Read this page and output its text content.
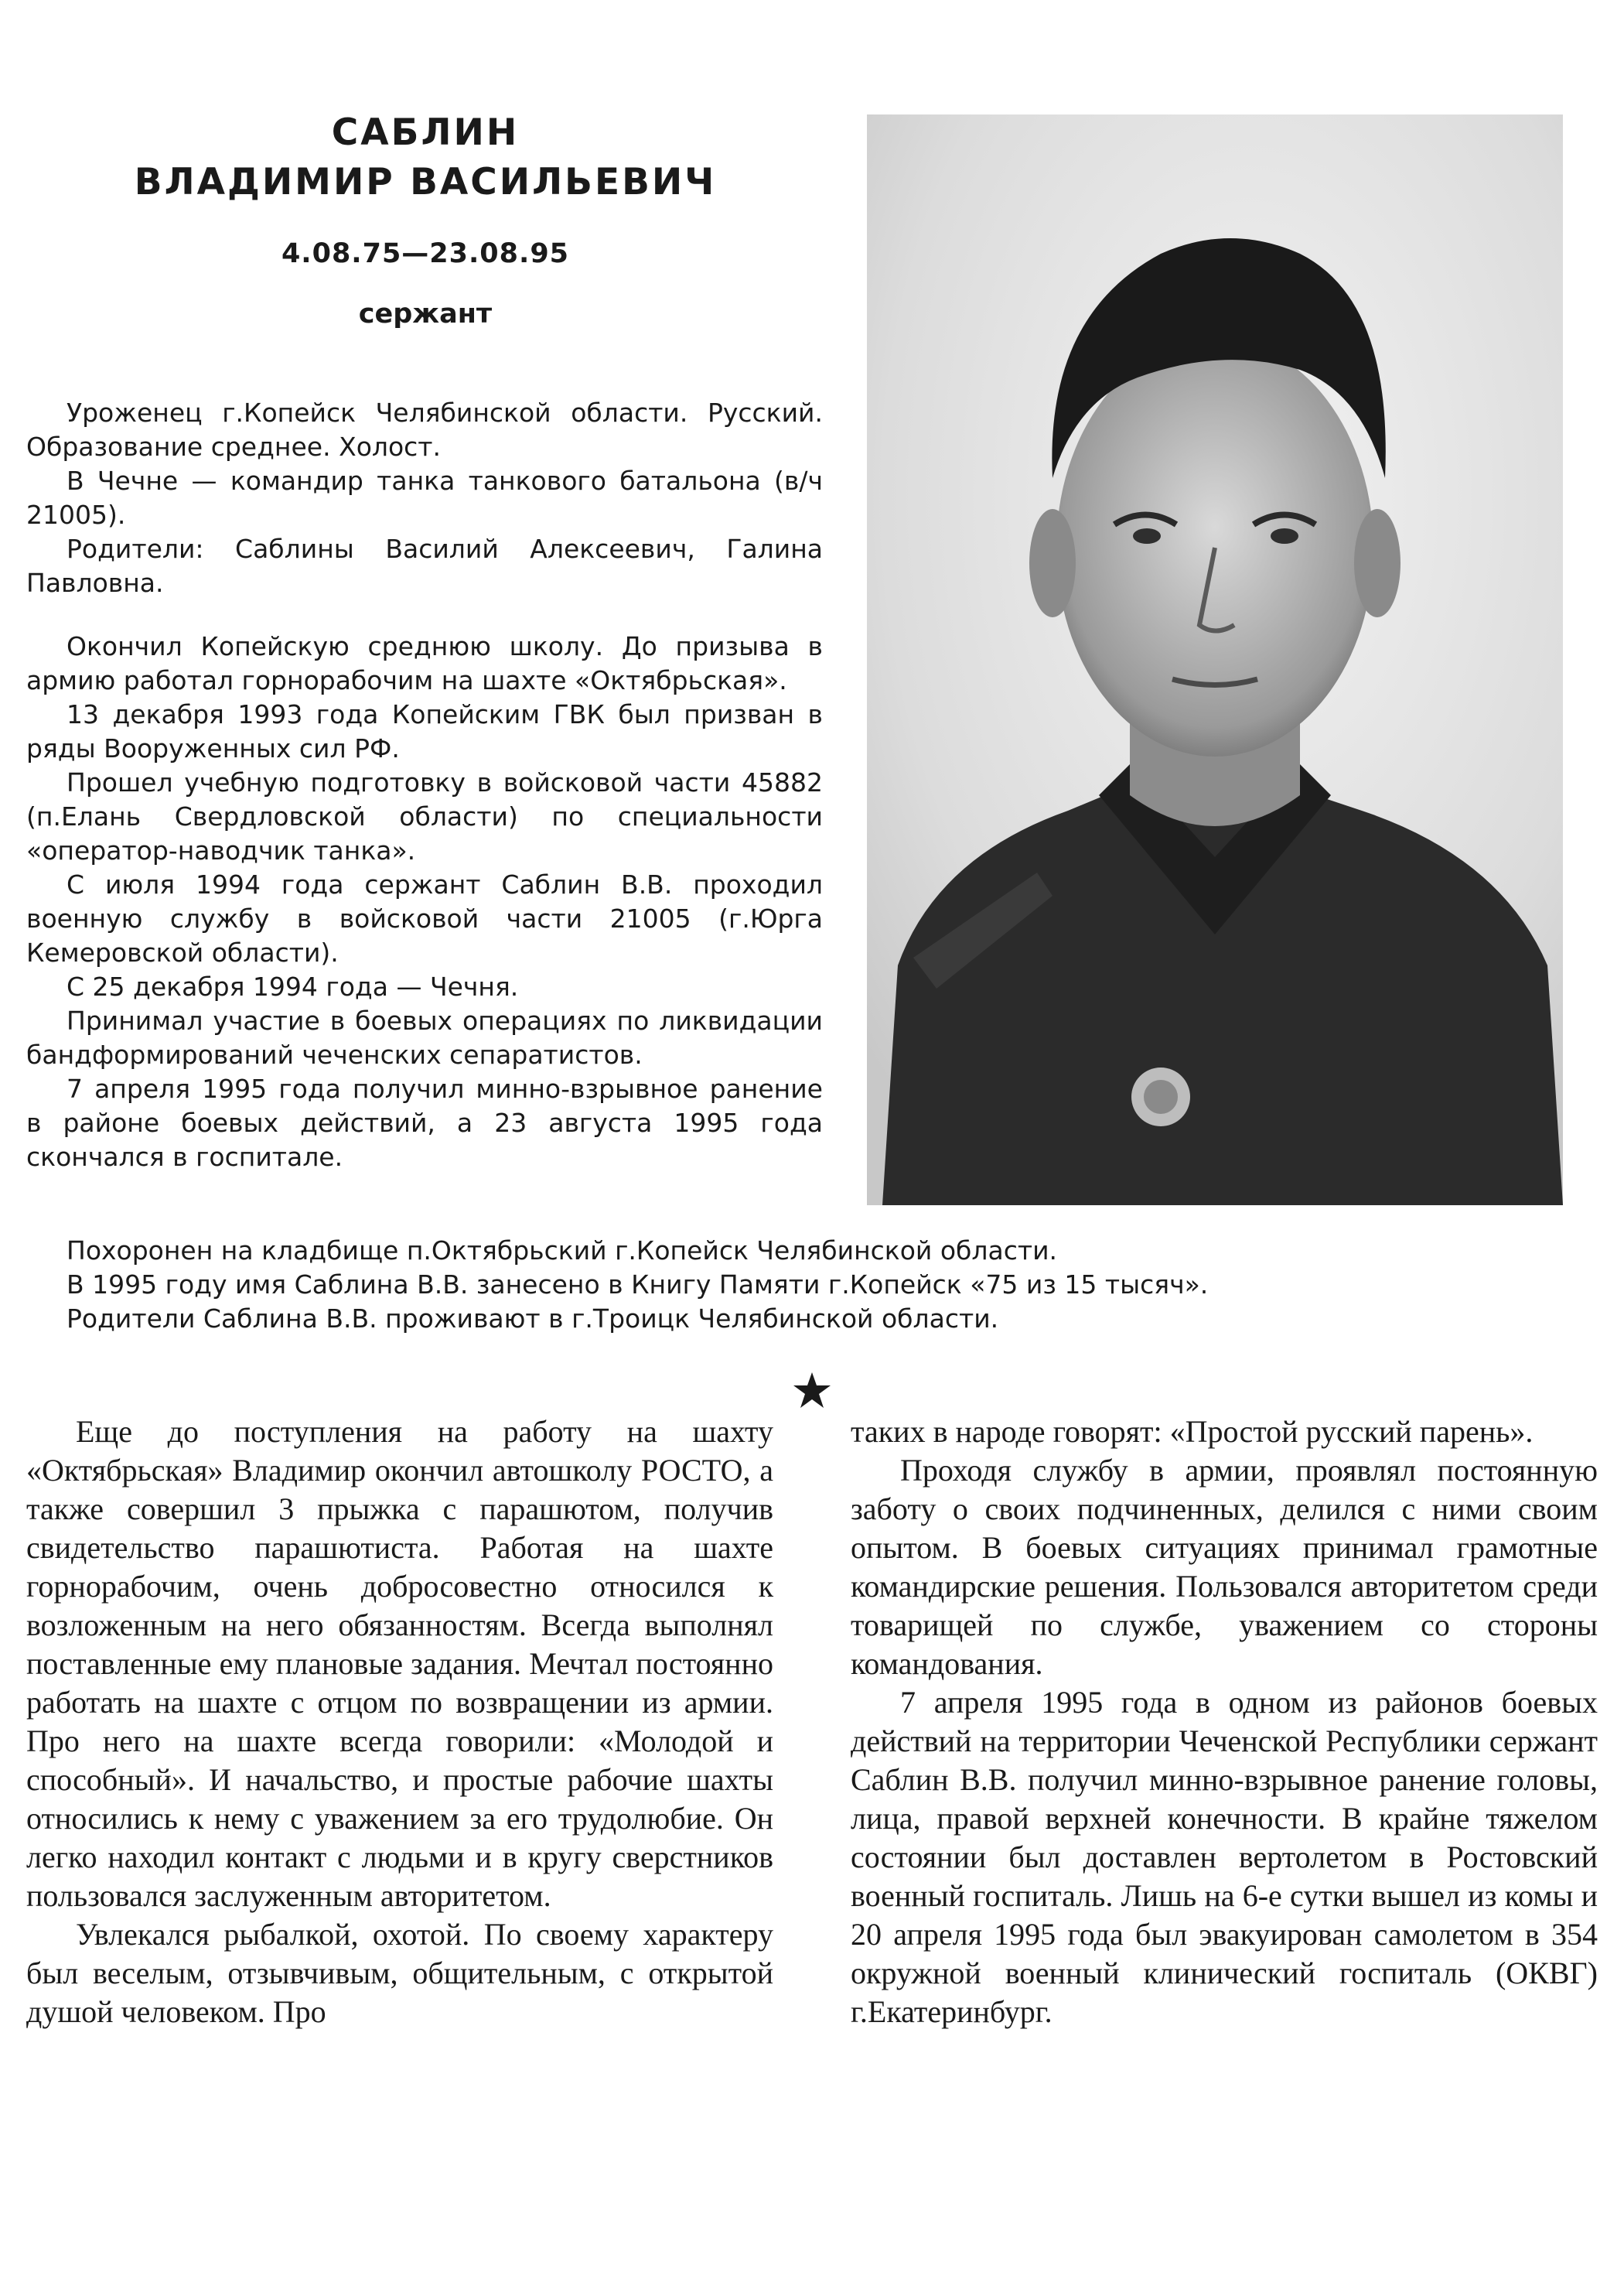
САБЛИН
ВЛАДИМИР ВАСИЛЬЕВИЧ
4.08.75—23.08.95
сержант

Уроженец г.Копейск Челябинской области. Русский. Образование среднее. Холост.

В Чечне — командир танка танкового батальона (в/ч 21005).

Родители: Саблины Василий Алексеевич, Галина Павловна.

Окончил Копейскую среднюю школу. До призыва в армию работал горнорабочим на шахте «Октябрьская».

13 декабря 1993 года Копейским ГВК был призван в ряды Вооруженных сил РФ.

Прошел учебную подготовку в войсковой части 45882 (п.Елань Свердловской области) по специальности «оператор-наводчик танка».

С июля 1994 года сержант Саблин В.В. проходил военную службу в войсковой части 21005 (г.Юрга Кемеровской области).

С 25 декабря 1994 года — Чечня.

Принимал участие в боевых операциях по ликвидации бандформирований чеченских сепаратистов.

7 апреля 1995 года получил минно-взрывное ранение в районе боевых действий, а 23 августа 1995 года скончался в госпитале.

Похоронен на кладбище п.Октябрьский г.Копейск Челябинской области.

В 1995 году имя Саблина В.В. занесено в Книгу Памяти г.Копейск «75 из 15 тысяч».

Родители Саблина В.В. проживают в г.Троицк Челябинской области.

Еще до поступления на работу на шахту «Октябрьская» Владимир окончил автошколу РОСТО, а также совершил 3 прыжка с парашютом, получив свидетельство парашютиста. Работая на шахте горнорабочим, очень добросовестно относился к возложенным на него обязанностям. Всегда выполнял поставленные ему плановые задания. Мечтал постоянно работать на шахте с отцом по возвращении из армии. Про него на шахте всегда говорили: «Молодой и способный». И начальство, и простые рабочие шахты относились к нему с уважением за его трудолюбие. Он легко находил контакт с людьми и в кругу сверстников пользовался заслуженным авторитетом.

Увлекался рыбалкой, охотой. По своему характеру был веселым, отзывчивым, общительным, с открытой душой человеком. Про

таких в народе говорят: «Простой русский парень».

Проходя службу в армии, проявлял постоянную заботу о своих подчиненных, делился с ними своим опытом. В боевых ситуациях принимал грамотные командирские решения. Пользовался авторитетом среди товарищей по службе, уважением со стороны командования.

7 апреля 1995 года в одном из районов боевых действий на территории Чеченской Республики сержант Саблин В.В. получил минно-взрывное ранение головы, лица, правой верхней конечности. В крайне тяжелом состоянии был доставлен вертолетом в Ростовский военный госпиталь. Лишь на 6-е сутки вышел из комы и 20 апреля 1995 года был эвакуирован самолетом в 354 окружной военный клинический госпиталь (ОКВГ) г.Екатеринбург.
